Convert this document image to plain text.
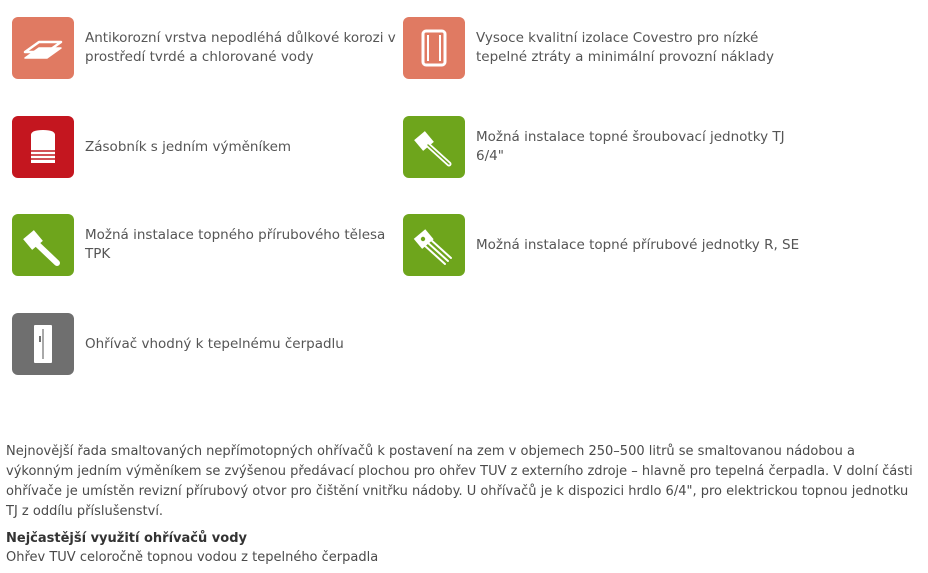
Antikorozní vrstva nepodléhá důlkové korozi v prostředí tvrdé a chlorované vody
Vysoce kvalitní izolace Covestro pro nízké tepelné ztráty a minimální provozní náklady
Zásobník s jedním výměníkem
Možná instalace topné šroubovací jednotky TJ 6/4"
Možná instalace topného přírubového tělesa TPK
Možná instalace topné přírubové jednotky R, SE
Ohřívač vhodný k tepelnému čerpadlu

Nejnovější řada smaltovaných nepřímotopných ohřívačů k postavení na zem v objemech 250–500 litrů se smaltovanou nádobou a výkonným jedním výměníkem se zvýšenou předávací plochou pro ohřev TUV z externího zdroje – hlavně pro tepelná čerpadla. V dolní části ohřívače je umístěn revizní přírubový otvor pro čištění vnitřku nádoby. U ohřívačů je k dispozici hrdlo 6/4", pro elektrickou topnou jednotku TJ z oddílu příslušenství.

Nejčastější využití ohřívačů vody

Ohřev TUV celoročně topnou vodou z tepelného čerpadla
